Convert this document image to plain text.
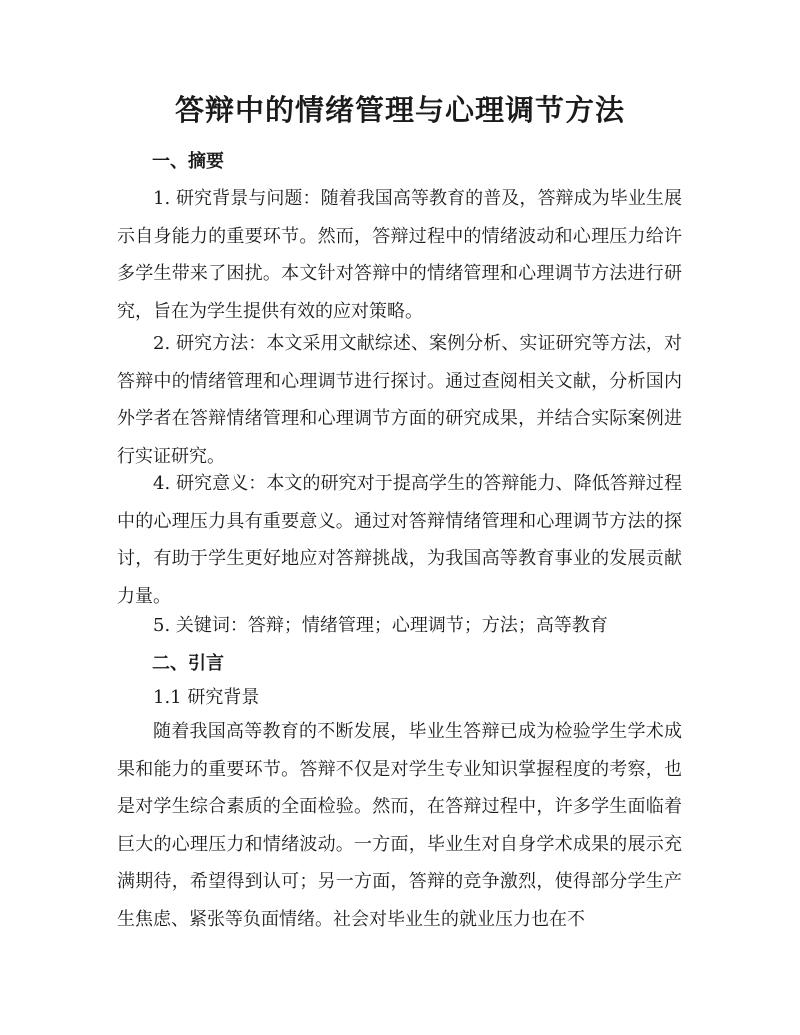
答辩中的情绪管理与心理调节方法
一、摘要

1. 研究背景与问题：随着我国高等教育的普及，答辩成为毕业生展示自身能力的重要环节。然而，答辩过程中的情绪波动和心理压力给许多学生带来了困扰。本文针对答辩中的情绪管理和心理调节方法进行研究，旨在为学生提供有效的应对策略。

2. 研究方法：本文采用文献综述、案例分析、实证研究等方法，对答辩中的情绪管理和心理调节进行探讨。通过查阅相关文献，分析国内外学者在答辩情绪管理和心理调节方面的研究成果，并结合实际案例进行实证研究。

4. 研究意义：本文的研究对于提高学生的答辩能力、降低答辩过程中的心理压力具有重要意义。通过对答辩情绪管理和心理调节方法的探讨，有助于学生更好地应对答辩挑战，为我国高等教育事业的发展贡献力量。

5. 关键词：答辩；情绪管理；心理调节；方法；高等教育

二、引言

1.1 研究背景

随着我国高等教育的不断发展，毕业生答辩已成为检验学生学术成果和能力的重要环节。答辩不仅是对学生专业知识掌握程度的考察，也是对学生综合素质的全面检验。然而，在答辩过程中，许多学生面临着巨大的心理压力和情绪波动。一方面，毕业生对自身学术成果的展示充满期待，希望得到认可；另一方面，答辩的竞争激烈，使得部分学生产生焦虑、紧张等负面情绪。社会对毕业生的就业压力也在不
